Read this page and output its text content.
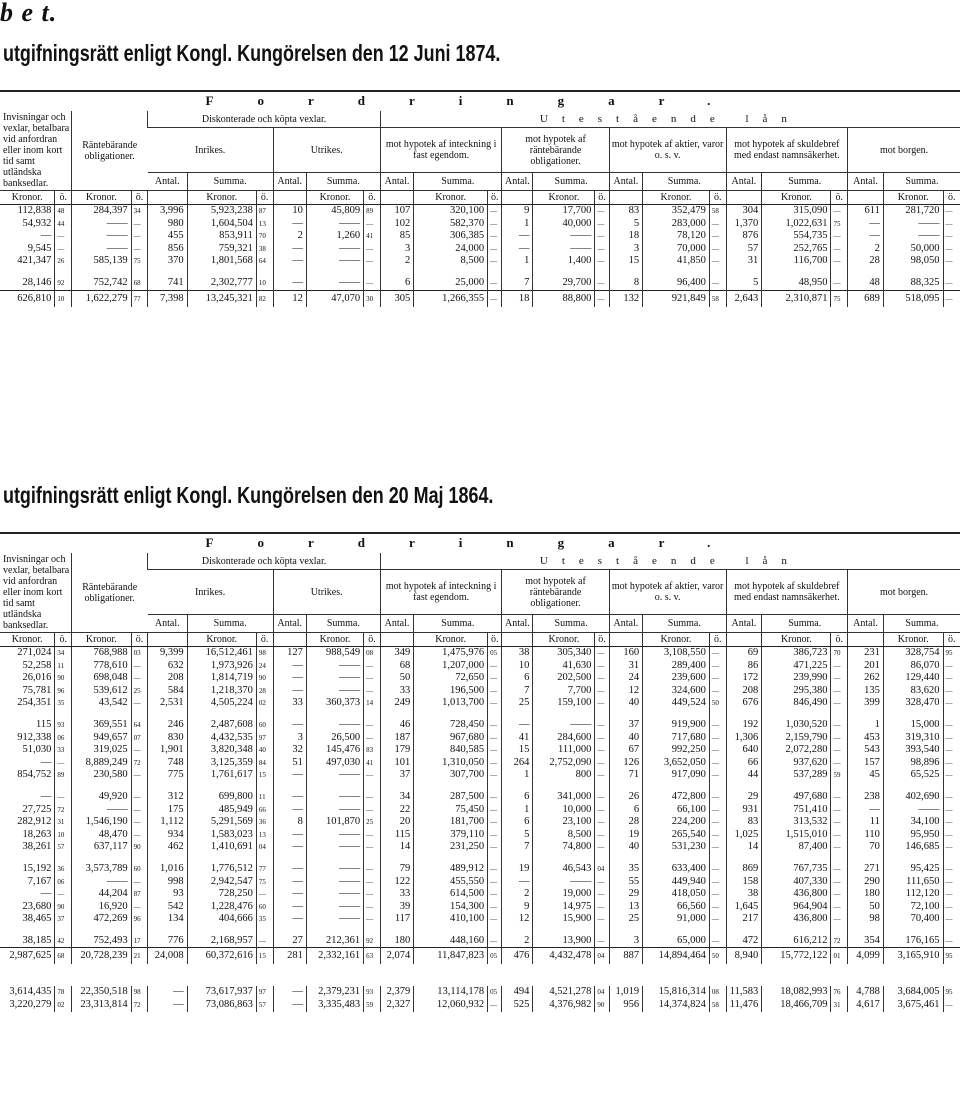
b e t.
utgifningsrätt enligt Kongl. Kungörelsen den 12 Juni 1874.
Fordringar.																								
Invisningar och vexlar, betalbara vid anfordran eller inom kort tid samt utländska banksedlar.		Räntebärande obligationer.		Diskonterade och köpta vexlar.						Utestående lån														
				Inrikes.			Utrikes.			mot hypotek af inteckning i fast egendom.			mot hypotek af räntebärande obligationer.			mot hypotek af aktier, varor o. s. v.			mot hypotek af skuldebref med endast namnsäkerhet.			mot borgen.		
				Antal.	Summa.		Antal.	Summa.		Antal.	Summa.		Antal.	Summa.		Antal.	Summa.		Antal.	Summa.		Antal.	Summa.	
Kronor.	ö.	Kronor.	ö.		Kronor.	ö.		Kronor.	ö.		Kronor.	ö.		Kronor.	ö.		Kronor.	ö.		Kronor.	ö.		Kronor.	ö.
112,838	48	284,397	34	3,996	5,923,238	87	10	45,809	89	107	320,100	—	9	17,700	—	83	352,479	58	304	315,090	—	611	281,720	—
54,932	44	——	—	980	1,604,504	13	—	——	—	102	582,370	—	1	40,000	—	5	283,000	—	1,370	1,022,631	75	—	——	—
—	—	——	—	455	853,911	70	2	1,260	41	85	306,385	—	—	——	—	18	78,120	—	876	554,735	—	—	——	—
9,545	—	——	—	856	759,321	38	—	——	—	3	24,000	—	—	——	—	3	70,000	—	57	252,765	—	2	50,000	—
421,347	26	585,139	75	370	1,801,568	64	—	——	—	2	8,500	—	1	1,400	—	15	41,850	—	31	116,700	—	28	98,050	—

28,146	92	752,742	68	741	2,302,777	10	—	——	—	6	25,000	—	7	29,700	—	8	96,400	—	5	48,950	—	48	88,325	—
626,810	10	1,622,279	77	7,398	13,245,321	82	12	47,070	30	305	1,266,355	—	18	88,800	—	132	921,849	58	2,643	2,310,871	75	689	518,095	—
utgifningsrätt enligt Kongl. Kungörelsen den 20 Maj 1864.
Fordringar.																								
Invisningar och vexlar, betalbara vid anfordran eller inom kort tid samt utländska banksedlar.		Räntebärande obligationer.		Diskonterade och köpta vexlar.						Utestående lån														
				Inrikes.			Utrikes.			mot hypotek af inteckning i fast egendom.			mot hypotek af räntebärande obligationer.			mot hypotek af aktier, varor o. s. v.			mot hypotek af skuldebref med endast namnsäkerhet.			mot borgen.		
				Antal.	Summa.		Antal.	Summa.		Antal.	Summa.		Antal.	Summa.		Antal.	Summa.		Antal.	Summa.		Antal.	Summa.	
Kronor.	ö.	Kronor.	ö.		Kronor.	ö.		Kronor.	ö.		Kronor.	ö.		Kronor.	ö.		Kronor.	ö.		Kronor.	ö.		Kronor.	ö.
271,024	34	768,988	03	9,399	16,512,461	98	127	988,549	08	349	1,475,976	05	38	305,340	—	160	3,108,550	—	69	386,723	70	231	328,754	95
52,258	11	778,610	—	632	1,973,926	24	—	——	—	68	1,207,000	—	10	41,630	—	31	289,400	—	86	471,225	—	201	86,070	—
26,016	90	698,048	—	208	1,814,719	90	—	——	—	50	72,650	—	6	202,500	—	24	239,600	—	172	239,990	—	262	129,440	—
75,781	96	539,612	25	584	1,218,370	28	—	——	—	33	196,500	—	7	7,700	—	12	324,600	—	208	295,380	—	135	83,620	—
254,351	35	43,542	—	2,531	4,505,224	02	33	360,373	14	249	1,013,700	—	25	159,100	—	40	449,524	50	676	846,490	—	399	328,470	—

115	93	369,551	64	246	2,487,608	60	—	——	—	46	728,450	—	—	——	—	37	919,900	—	192	1,030,520	—	1	15,000	—
912,338	06	949,657	07	830	4,432,535	97	3	26,500	—	187	967,680	—	41	284,600	—	40	717,680	—	1,306	2,159,790	—	453	319,310	—
51,030	33	319,025	—	1,901	3,820,348	40	32	145,476	83	179	840,585	—	15	111,000	—	67	992,250	—	640	2,072,280	—	543	393,540	—
—	—	8,889,249	72	748	3,125,359	84	51	497,030	41	101	1,310,050	—	264	2,752,090	—	126	3,652,050	—	66	937,620	—	157	98,896	—
854,752	89	230,580	—	775	1,761,617	15	—	——	—	37	307,700	—	1	800	—	71	917,090	—	44	537,289	59	45	65,525	—

—	—	49,920	—	312	699,800	11	—	——	—	34	287,500	—	6	341,000	—	26	472,800	—	29	497,680	—	238	402,690	—
27,725	72	——	—	175	485,949	66	—	——	—	22	75,450	—	1	10,000	—	6	66,100	—	931	751,410	—	—	——	—
282,912	31	1,546,190	—	1,112	5,291,569	36	8	101,870	25	20	181,700	—	6	23,100	—	28	224,200	—	83	313,532	—	11	34,100	—
18,263	10	48,470	—	934	1,583,023	13	—	——	—	115	379,110	—	5	8,500	—	19	265,540	—	1,025	1,515,010	—	110	95,950	—
38,261	57	637,117	90	462	1,410,691	04	—	——	—	14	231,250	—	7	74,800	—	40	531,230	—	14	87,400	—	70	146,685	—

15,192	36	3,573,789	60	1,016	1,776,512	77	—	——	—	79	489,912	—	19	46,543	04	35	633,400	—	869	767,735	—	271	95,425	—
7,167	06	——	—	998	2,942,547	75	—	——	—	122	455,550	—	—	——	—	55	449,940	—	158	407,330	—	290	111,650	—
—	—	44,204	87	93	728,250	—	—	——	—	33	614,500	—	2	19,000	—	29	418,050	—	38	436,800	—	180	112,120	—
23,680	90	16,920	—	542	1,228,476	60	—	——	—	39	154,300	—	9	14,975	—	13	66,560	—	1,645	964,904	—	50	72,100	—
38,465	37	472,269	96	134	404,666	35	—	——	—	117	410,100	—	12	15,900	—	25	91,000	—	217	436,800	—	98	70,400	—

38,185	42	752,493	17	776	2,168,957	—	27	212,361	92	180	448,160	—	2	13,900	—	3	65,000	—	472	616,212	72	354	176,165	—
2,987,625	68	20,728,239	21	24,008	60,372,616	15	281	2,332,161	63	2,074	11,847,823	05	476	4,432,478	04	887	14,894,464	50	8,940	15,772,122	01	4,099	3,165,910	95

3,614,435	78	22,350,518	98	—	73,617,937	97	—	2,379,231	93	2,379	13,114,178	05	494	4,521,278	04	1,019	15,816,314	08	11,583	18,082,993	76	4,788	3,684,005	95
3,220,279	02	23,313,814	72	—	73,086,863	57	—	3,335,483	59	2,327	12,060,932	—	525	4,376,982	90	956	14,374,824	58	11,476	18,466,709	31	4,617	3,675,461	—
